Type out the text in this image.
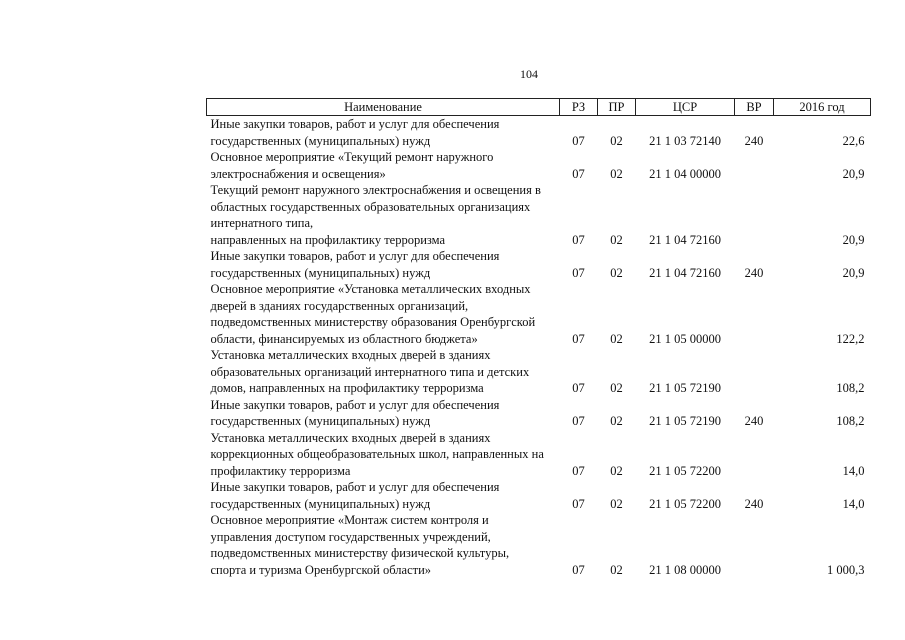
104
Наименование	РЗ	ПР	ЦСР	ВР	2016 год

Иные закупки товаров, работ и услуг для обеспечения
государственных (муниципальных) нужд	07	02	21 1 03 72140	240	22,6

Основное мероприятие «Текущий ремонт наружного
электроснабжения и освещения»	07	02	21 1 04 00000		20,9

Текущий ремонт наружного электроснабжения и освещения в
областных государственных образовательных организациях интернатного типа,
направленных на профилактику терроризма	07	02	21 1 04 72160		20,9

Иные закупки товаров, работ и услуг для обеспечения
государственных (муниципальных) нужд	07	02	21 1 04 72160	240	20,9

Основное мероприятие «Установка металлических входных
дверей в зданиях государственных организаций,
подведомственных министерству образования Оренбургской
области, финансируемых из областного бюджета»	07	02	21 1 05 00000		122,2

Установка металлических входных дверей в зданиях
образовательных организаций интернатного типа и детских
домов, направленных на профилактику терроризма	07	02	21 1 05 72190		108,2

Иные закупки товаров, работ и услуг для обеспечения
государственных (муниципальных) нужд	07	02	21 1 05 72190	240	108,2

Установка металлических входных дверей в зданиях
коррекционных общеобразовательных школ, направленных на
профилактику терроризма	07	02	21 1 05 72200		14,0

Иные закупки товаров, работ и услуг для обеспечения
государственных (муниципальных) нужд	07	02	21 1 05 72200	240	14,0

Основное мероприятие «Монтаж систем контроля и
управления доступом государственных учреждений,
подведомственных министерству физической культуры,
спорта и туризма Оренбургской области»	07	02	21 1 08 00000		1 000,3
